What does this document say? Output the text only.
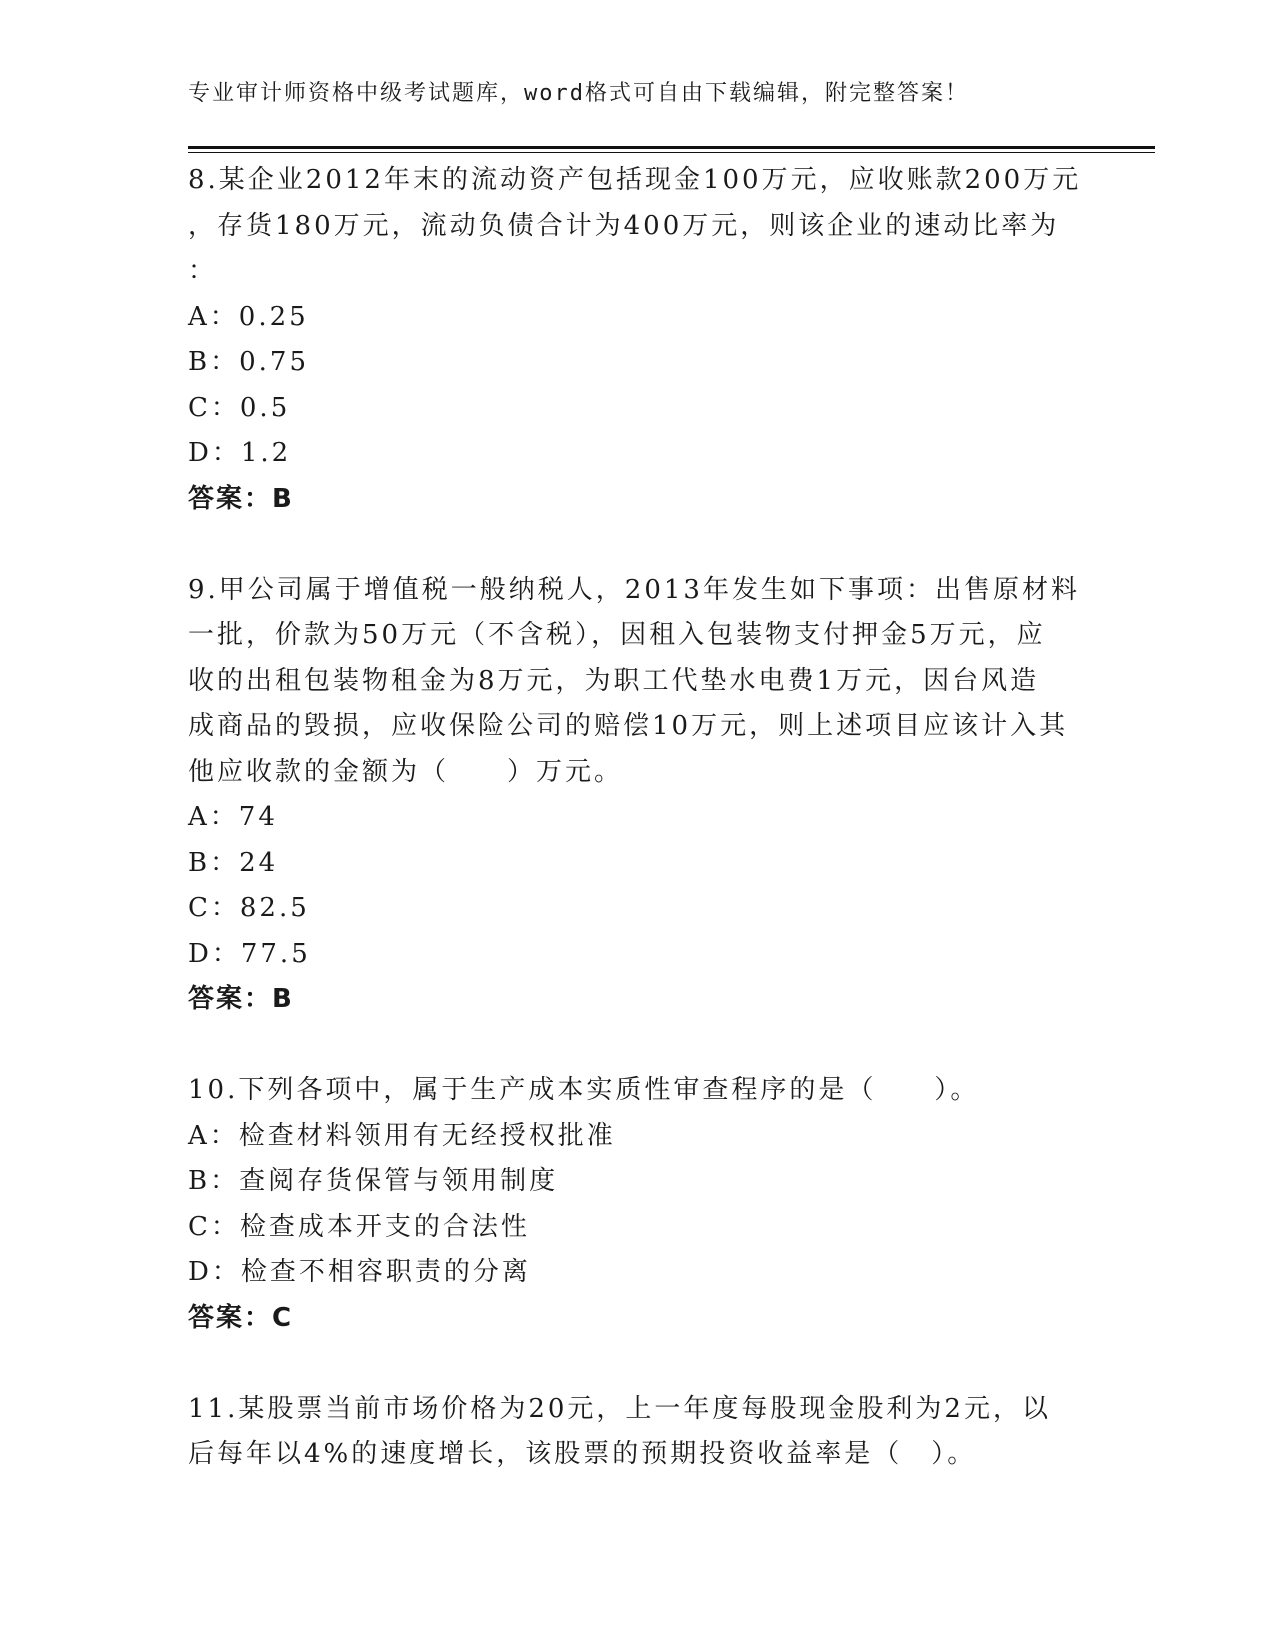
专业审计师资格中级考试题库，word格式可自由下载编辑，附完整答案！
8.某企业2012年末的流动资产包括现金100万元，应收账款200万元
，存货180万元，流动负债合计为400万元，则该企业的速动比率为
：
A：0.25
B：0.75
C：0.5
D：1.2
答案：B
9.甲公司属于增值税一般纳税人，2013年发生如下事项：出售原材料
一批，价款为50万元（不含税），因租入包装物支付押金5万元，应
收的出租包装物租金为8万元，为职工代垫水电费1万元，因台风造
成商品的毁损，应收保险公司的赔偿10万元，则上述项目应该计入其
他应收款的金额为（　　）万元。
A：74
B：24
C：82.5
D：77.5
答案：B
10.下列各项中，属于生产成本实质性审查程序的是（　　）。
A：检查材料领用有无经授权批准
B：查阅存货保管与领用制度
C：检查成本开支的合法性
D：检查不相容职责的分离
答案：C
11.某股票当前市场价格为20元，上一年度每股现金股利为2元，以
后每年以4%的速度增长，该股票的预期投资收益率是（　）。
